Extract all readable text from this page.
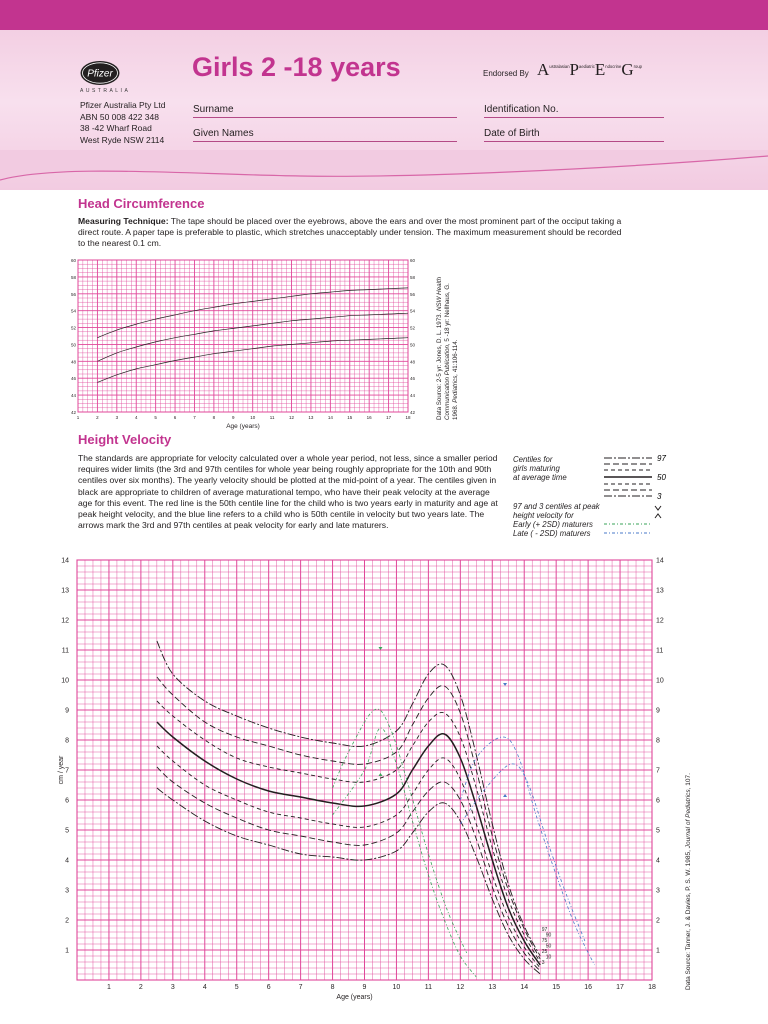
Pfizer
AUSTRALIA
Pfizer Australia Pty Ltd
ABN 50 008 422 348
38 -42 Wharf Road
West Ryde NSW 2114
Girls 2 -18 years
Surname
Given Names
Identification No.
Date of Birth
Endorsed By $A^{ustralasian}P^{aediatric}E^{ndocrine}G^{roup}$
Head Circumference
Measuring Technique: The tape should be placed over the eyebrows, above the ears and over the most prominent part of the occiput taking a direct route. A paper tape is preferable to plastic, which stretches unacceptably under tension. The maximum measurement should be recorded to the nearest 0.1 cm.
42	42
44	44
46	46
48	48
50	50
52	52
54	54
56	56
58	58
60	60
1	2	3	4	5	6	7	8	9	10	11	12	13	14	15	16	17	18
Age (years)
Data Source: 2-5 yr: Jones, D. L. 1973. NSW Health
Communication Publication, 5 -18 yr: Nellhaus, G.
1968. Pediatrics, 41:106-114.
Height Velocity
The standards are appropriate for velocity calculated over a whole year period, not less, since a smaller period requires wider limits (the 3rd and 97th centiles for whole year being roughly appropriate for the 10th and 90th centiles over six months). The yearly velocity should be plotted at the mid-point of a year. The centiles given in black are appropriate to children of average maturational tempo, who have their peak velocity at the average age for this event. The red line is the 50th centile line for the child who is two years early in maturity and age at peak height velocity, and the blue line refers to a child who is 50th centile in velocity but two years late. The arrows mark the 3rd and 97th centiles at peak velocity for early and late maturers.
Centiles for
girls maturing
at average time
97 and 3 centiles at peak
height velocity for
Early (+ 2SD) maturers
Late ( - 2SD) maturers
97
50
3
1	1
2	2
3	3
4	4
5	5
6	6
7	7
8	8
9	9
10	10
11	11
12	12
13	13
14	14
1	2	3	4	5	6	7	8	9	10	11	12	13	14	15	16	17	18
Age (years)
cm / year
97
90
75
50
25
10
3	Data Source: Tanner, J. & Davies, P. S. W. 1985, Journal of Pediatrics, 107.
